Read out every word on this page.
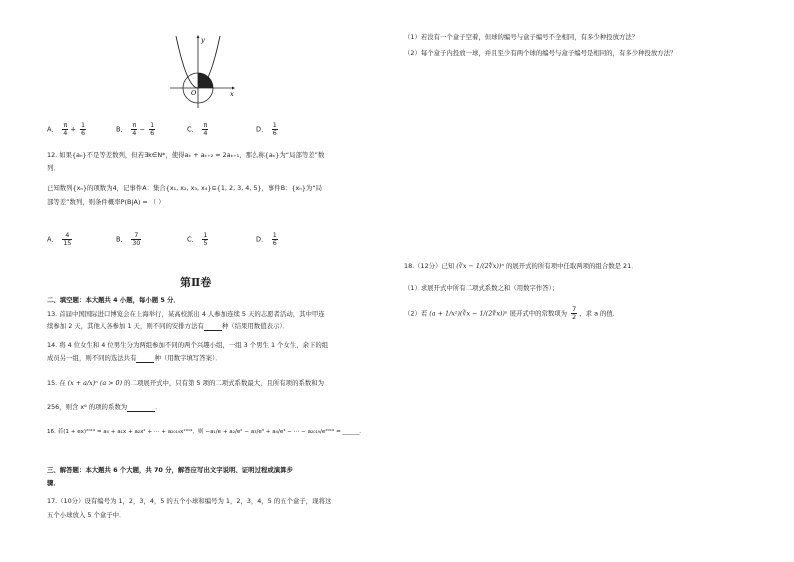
y
x
O
A． $\frac{\pi}{4} + \frac{1}{6}$	B． $\frac{\pi}{4} - \frac{1}{6}$	C． $\frac{\pi}{4}$	D． $\frac{1}{6}$
12. 如果{aₙ}不是等差数列，但若∃k∈N*，使得aₖ + aₖ₊₂ = 2aₖ₊₁，那么称{aₙ}为“局部等差”数
列．
已知数列{xₙ}的项数为4，记事件A：集合{x₁, x₂, x₃, x₄}⊆{1, 2, 3, 4, 5}，事件B：{xₙ}为“局
部等差”数列，则条件概率P(B|A) = （ ）
A． $\frac{4}{15}$	B． $\frac{7}{30}$	C． $\frac{1}{5}$	D． $\frac{1}{6}$
第Ⅱ卷
二、填空题：本大题共 4 小题，每小题 5 分．
13. 首届中国国际进口博览会在上海举行，某高校派出 4 人参加连续 5 天的志愿者活动，其中甲连
续参加 2 天，其他人各参加 1 天，则不同的安排方法有	种（结果用数值表示）．
14. 将 4 位女生和 4 位男生分为两组参加不同的两个兴趣小组，一组 3 个男生 1 个女生，余下的组
成员另一组，则不同的选法共有	种（用数字填写答案）．
15. 在 (x + a/x)ⁿ (a > 0) 的二项展开式中，只有第 5 项的二项式系数最大，且所有项的系数和为
256，则含 x⁶ 的项的系数为	．
16. 若(1 + ex)²⁰¹⁹ = a₀ + a₁x + a₂x² + ⋯ + a₂₀₁₉x²⁰¹⁹，则 −a₁/e + a₂/e² − a₃/e³ + a₄/e⁴ − ⋯ − a₂₀₁₉/e²⁰¹⁹ = ______．
三、解答题：本大题共 6 个大题，共 70 分，解答应写出文字说明、证明过程或演算步
骤．
17.（10分）设有编号为 1，2，3，4，5 的五个小球和编号为 1，2，3，4，5 的五个盒子，现将这
五个小球放入 5 个盒子中．
（1）若没有一个盒子空着，但球的编号与盒子编号不全相同，有多少种投放方法？
（2）每个盒子内投放一球，并且至少有两个球的编号与盒子编号是相同的，有多少种投放方法？
18.（12分）已知 (∛x − 1/(2∜x))ⁿ 的展开式的所有项中任取两项的组合数是 21．
（1）求展开式中所有二项式系数之和（用数字作答）；
（2）若 (a + 1/x²)(∛x − 1/(2∜x))ⁿ 展开式中的常数项为 $\frac{7}{2}$ ，求 a 的值．
